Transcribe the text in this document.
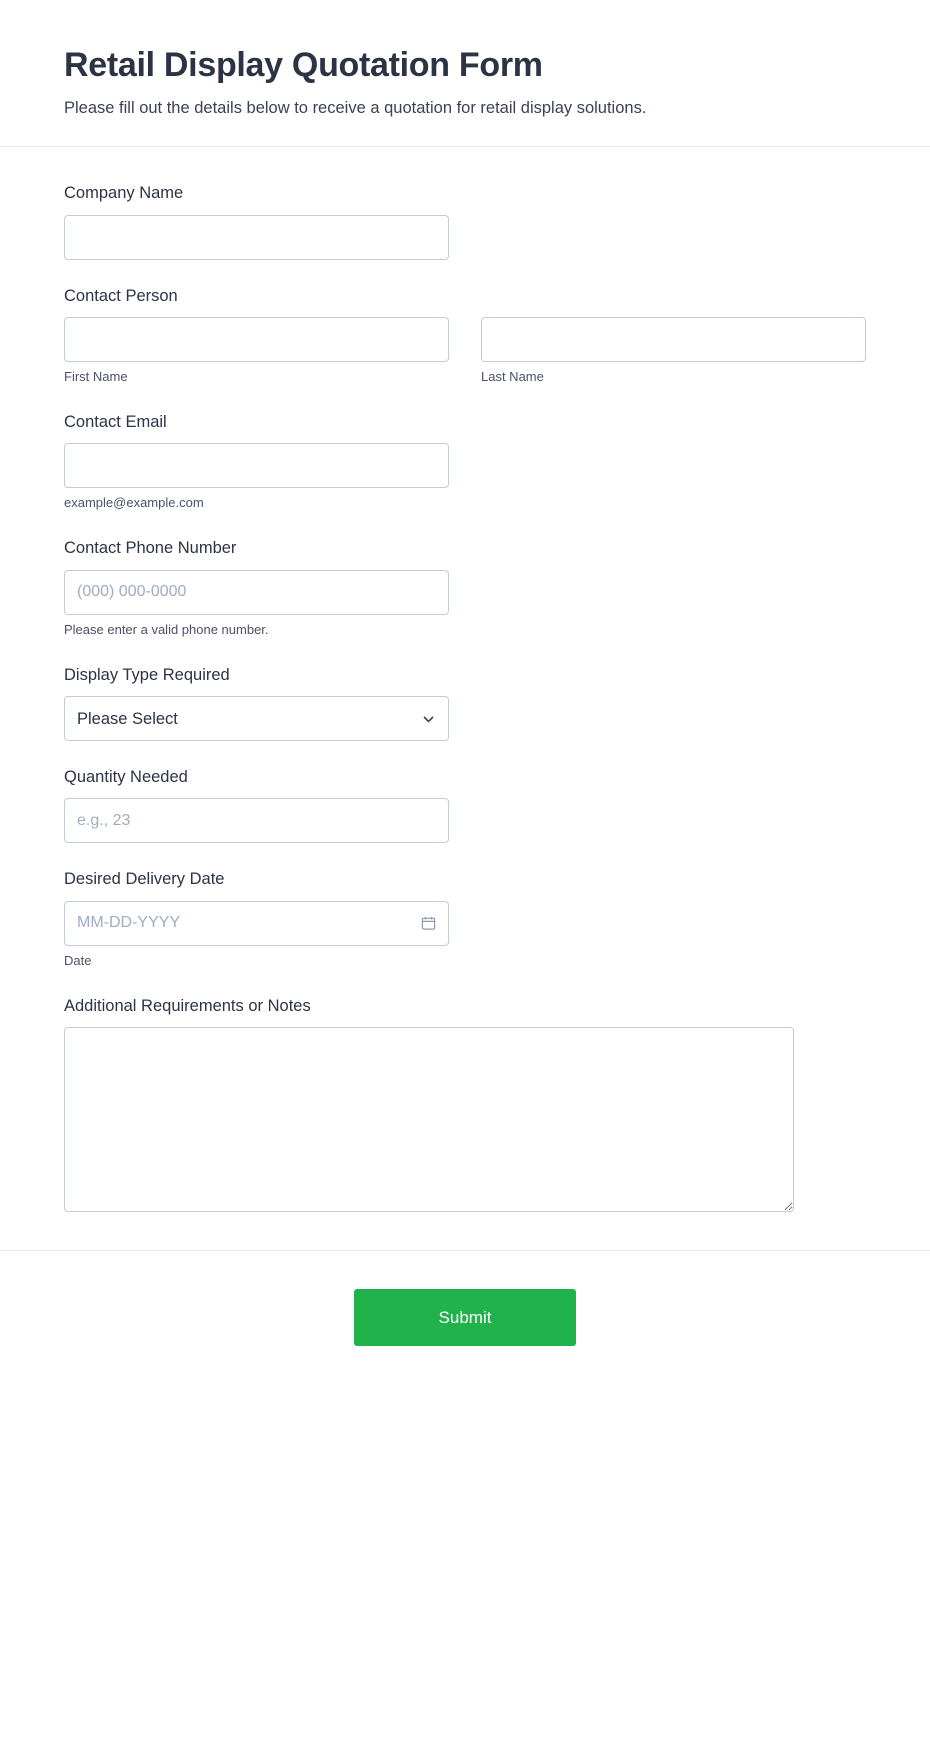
Retail Display Quotation Form

Please fill out the details below to receive a quotation for retail display solutions.

Company Name
Contact Person
First Name	Last Name
Contact Email
example@example.com
Contact Phone Number
(000) 000-0000
Please enter a valid phone number.
Display Type Required
Please Select
Quantity Needed
e.g., 23
Desired Delivery Date
MM-DD-YYYY
Date
Additional Requirements or Notes
Submit
